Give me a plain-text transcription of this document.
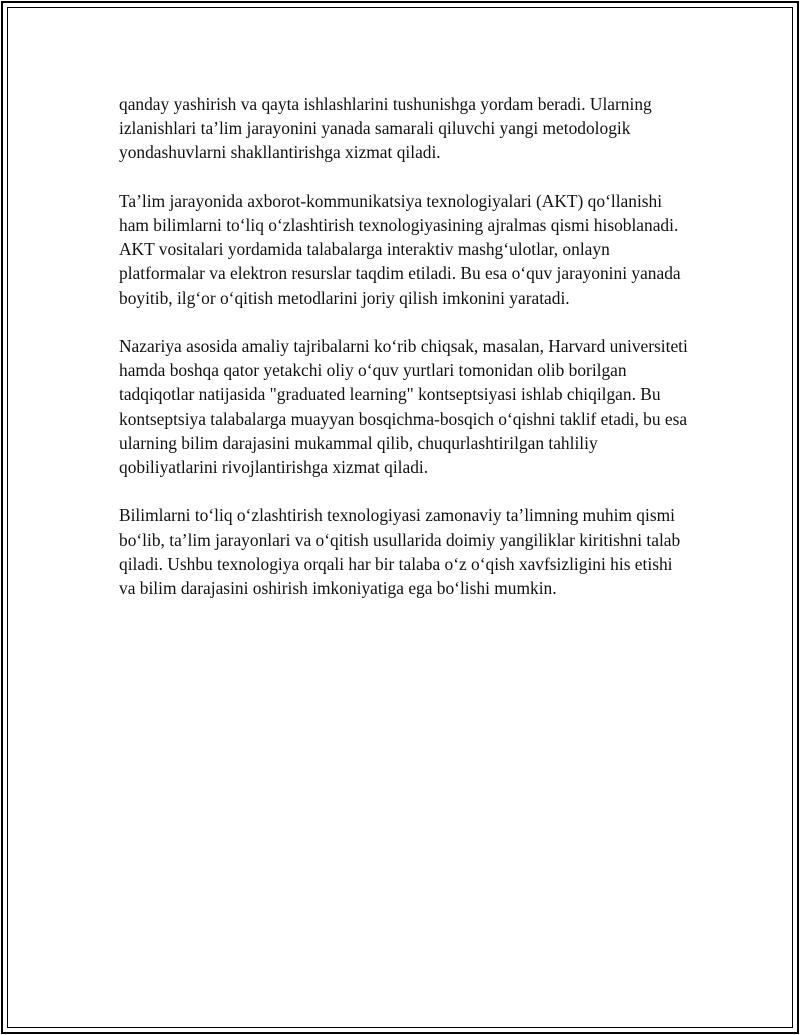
qanday yashirish va qayta ishlashlarini tushunishga yordam beradi. Ularning izlanishlari ta’lim jarayonini yanada samarali qiluvchi yangi metodologik yondashuvlarni shakllantirishga xizmat qiladi.

Ta’lim jarayonida axborot-kommunikatsiya texnologiyalari (AKT) qo‘llanishi ham bilimlarni to‘liq o‘zlashtirish texnologiyasining ajralmas qismi hisoblanadi. AKT vositalari yordamida talabalarga interaktiv mashg‘ulotlar, onlayn platformalar va elektron resurslar taqdim etiladi. Bu esa o‘quv jarayonini yanada boyitib, ilg‘or o‘qitish metodlarini joriy qilish imkonini yaratadi.

Nazariya asosida amaliy tajribalarni ko‘rib chiqsak, masalan, Harvard universiteti hamda boshqa qator yetakchi oliy o‘quv yurtlari tomonidan olib borilgan tadqiqotlar natijasida "graduated learning" kontseptsiyasi ishlab chiqilgan. Bu kontseptsiya talabalarga muayyan bosqichma-bosqich o‘qishni taklif etadi, bu esa ularning bilim darajasini mukammal qilib, chuqurlashtirilgan tahliliy qobiliyatlarini rivojlantirishga xizmat qiladi.

Bilimlarni to‘liq o‘zlashtirish texnologiyasi zamonaviy ta’limning muhim qismi bo‘lib, ta’lim jarayonlari va o‘qitish usullarida doimiy yangiliklar kiritishni talab qiladi. Ushbu texnologiya orqali har bir talaba o‘z o‘qish xavfsizligini his etishi va bilim darajasini oshirish imkoniyatiga ega bo‘lishi mumkin.
